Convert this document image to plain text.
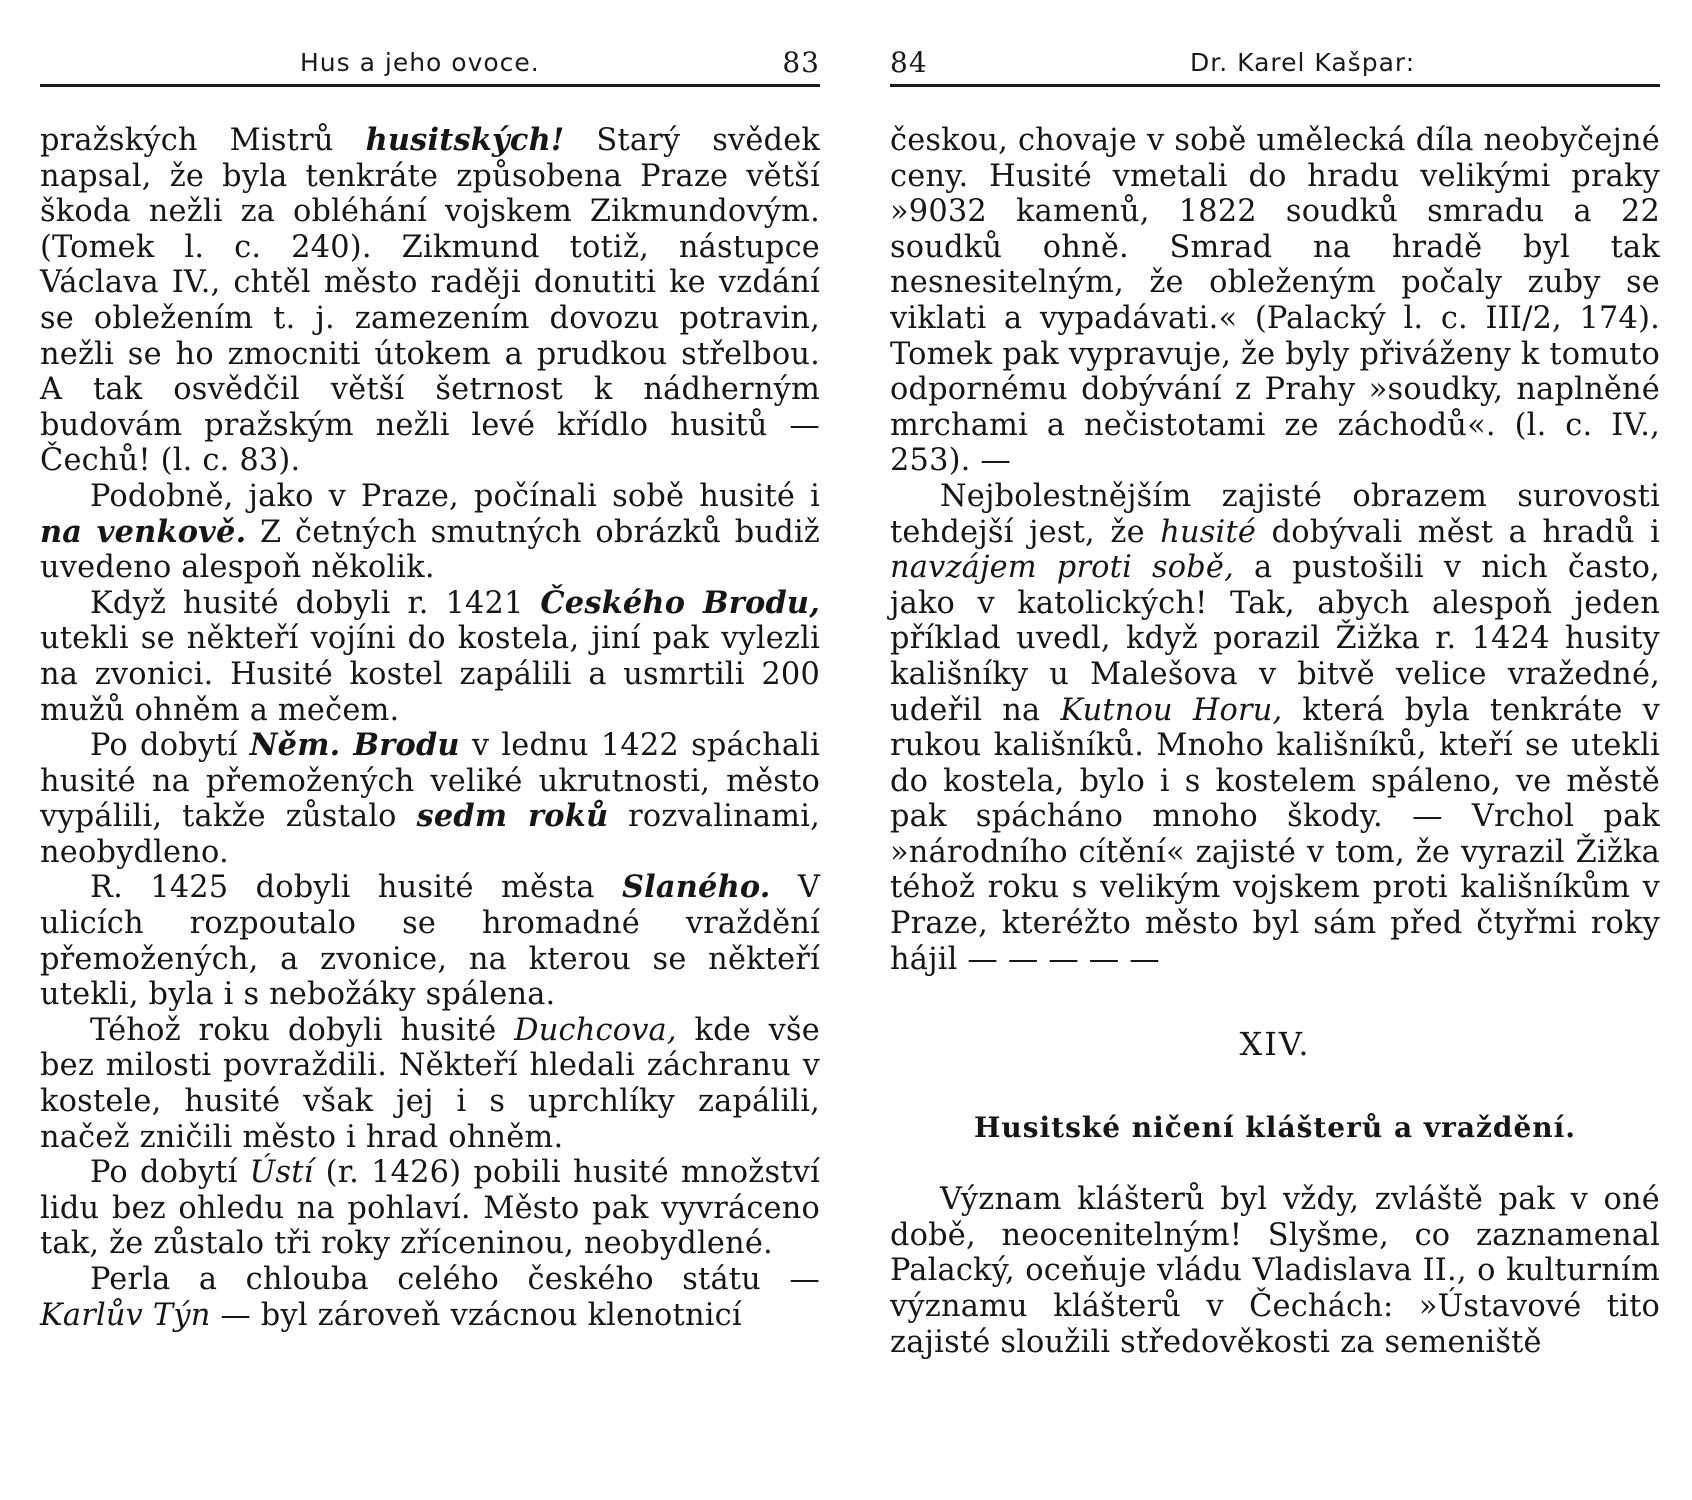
Hus a jeho ovoce.	83

pražských Mistrů husitských! Starý svědek napsal, že byla tenkráte způsobena Praze větší škoda nežli za obléhání vojskem Zikmundovým. (Tomek l. c. 240). Zikmund totiž, nástupce Václava IV., chtěl město raději donutiti ke vzdání se obležením t. j. zamezením dovozu potravin, nežli se ho zmocniti útokem a prudkou střelbou. A tak osvědčil větší šetrnost k nádherným budovám pražským nežli levé křídlo husitů — Čechů! (l. c. 83).

Podobně, jako v Praze, počínali sobě husité i na venkově. Z četných smutných obrázků budiž uvedeno alespoň několik.

Když husité dobyli r. 1421 Českého Brodu, utekli se někteří vojíni do kostela, jiní pak vylezli na zvonici. Husité kostel zapálili a usmrtili 200 mužů ohněm a mečem.

Po dobytí Něm. Brodu v lednu 1422 spáchali husité na přemožených veliké ukrutnosti, město vypálili, takže zůstalo sedm roků rozvalinami, neobydleno.

R. 1425 dobyli husité města Slaného. V ulicích rozpoutalo se hromadné vraždění přemožených, a zvonice, na kterou se někteří utekli, byla i s nebožáky spálena.

Téhož roku dobyli husité Duchcova, kde vše bez milosti povraždili. Někteří hledali záchranu v kostele, husité však jej i s uprchlíky zapálili, načež zničili město i hrad ohněm.

Po dobytí Ústí (r. 1426) pobili husité množství lidu bez ohledu na pohlaví. Město pak vyvráceno tak, že zůstalo tři roky zříceninou, neobydlené.

Perla a chlouba celého českého státu — Karlův Týn — byl zároveň vzácnou klenotnicí

84	Dr. Karel Kašpar:

českou, chovaje v sobě umělecká díla neobyčejné ceny. Husité vmetali do hradu velikými praky »9032 kamenů, 1822 soudků smradu a 22 soudků ohně. Smrad na hradě byl tak nesnesitelným, že obleženým počaly zuby se viklati a vypadávati.« (Palacký l. c. III/2, 174). Tomek pak vypravuje, že byly přiváženy k tomuto odpornému dobývání z Prahy »soudky, naplněné mrchami a nečistotami ze záchodů«. (l. c. IV., 253). —

Nejbolestnějším zajisté obrazem surovosti tehdejší jest, že husité dobývali měst a hradů i navzájem proti sobě, a pustošili v nich často, jako v katolických! Tak, abych alespoň jeden příklad uvedl, když porazil Žižka r. 1424 husity kališníky u Malešova v bitvě velice vražedné, udeřil na Kutnou Horu, která byla tenkráte v rukou kališníků. Mnoho kališníků, kteří se utekli do kostela, bylo i s kostelem spáleno, ve městě pak spácháno mnoho škody. — Vrchol pak »národního cítění« zajisté v tom, že vyrazil Žižka téhož roku s velikým vojskem proti kališníkům v Praze, kteréžto město byl sám před čtyřmi roky hájil — — — — —

XIV.
Husitské ničení klášterů a vraždění.

Význam klášterů byl vždy, zvláště pak v oné době, neocenitelným! Slyšme, co zaznamenal Palacký, oceňuje vládu Vladislava II., o kulturním významu klášterů v Čechách: »Ústavové tito zajisté sloužili středověkosti za semeniště
